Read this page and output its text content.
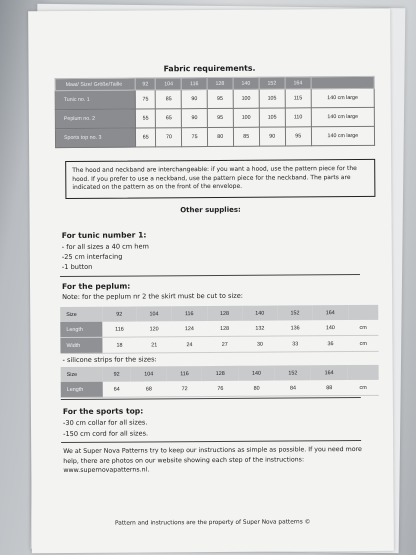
Fabric requirements.
Maat/ Size/ Größe/Taille	92	104	116	128	140	152	164	
Tunic no. 1	75	85	90	95	100	105	115	140 cm large
Peplum no. 2	55	65	90	95	100	105	110	140 cm large
Sports top no. 3	65	70	75	80	85	90	95	140 cm large
The hood and neckband are interchangeable: if you want a hood, use the pattern piece for the hood. If you prefer to use a neckband, use the pattern piece for the neckband. The parts are indicated on the pattern as on the front of the envelope.
Other supplies:
For tunic number 1:
- for all sizes a 40 cm hem
-25 cm interfacing
-1 button
For the peplum:
Note: for the peplum nr 2 the skirt must be cut to size:
Size	92	104	116	128	140	152	164	
Length	116	120	124	128	132	136	140	cm
Width	18	21	24	27	30	33	36	cm
- silicone strips for the sizes:
Size	92	104	116	128	140	152	164	
Length	64	68	72	76	80	84	88	cm
For the sports top:
-30 cm collar for all sizes.
-150 cm cord for all sizes.
We at Super Nova Patterns try to keep our instructions as simple as possible. If you need more help, there are photos on our website showing each step of the instructions: www.supernovapatterns.nl.
Pattern and instructions are the property of Super Nova patterns ©
